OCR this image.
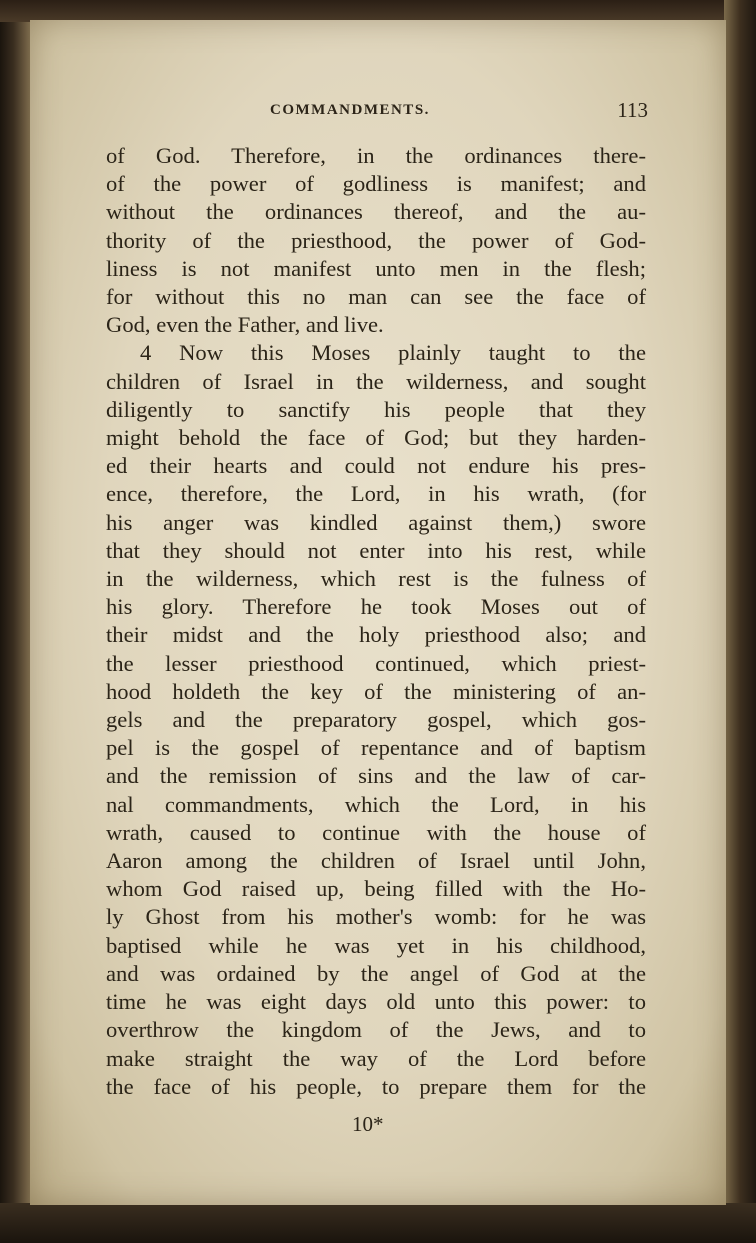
COMMANDMENTS.	113
of God. Therefore, in the ordinances there-
of the power of godliness is manifest; and
without the ordinances thereof, and the au-
thority of the priesthood, the power of God-
liness is not manifest unto men in the flesh;
for without this no man can see the face of
God, even the Father, and live.
4 Now this Moses plainly taught to the
children of Israel in the wilderness, and sought
diligently to sanctify his people that they
might behold the face of God; but they harden-
ed their hearts and could not endure his pres-
ence, therefore, the Lord, in his wrath, (for
his anger was kindled against them,) swore
that they should not enter into his rest, while
in the wilderness, which rest is the fulness of
his glory. Therefore he took Moses out of
their midst and the holy priesthood also; and
the lesser priesthood continued, which priest-
hood holdeth the key of the ministering of an-
gels and the preparatory gospel, which gos-
pel is the gospel of repentance and of baptism
and the remission of sins and the law of car-
nal commandments, which the Lord, in his
wrath, caused to continue with the house of
Aaron among the children of Israel until John,
whom God raised up, being filled with the Ho-
ly Ghost from his mother's womb: for he was
baptised while he was yet in his childhood,
and was ordained by the angel of God at the
time he was eight days old unto this power: to
overthrow the kingdom of the Jews, and to
make straight the way of the Lord before
the face of his people, to prepare them for the
10*
